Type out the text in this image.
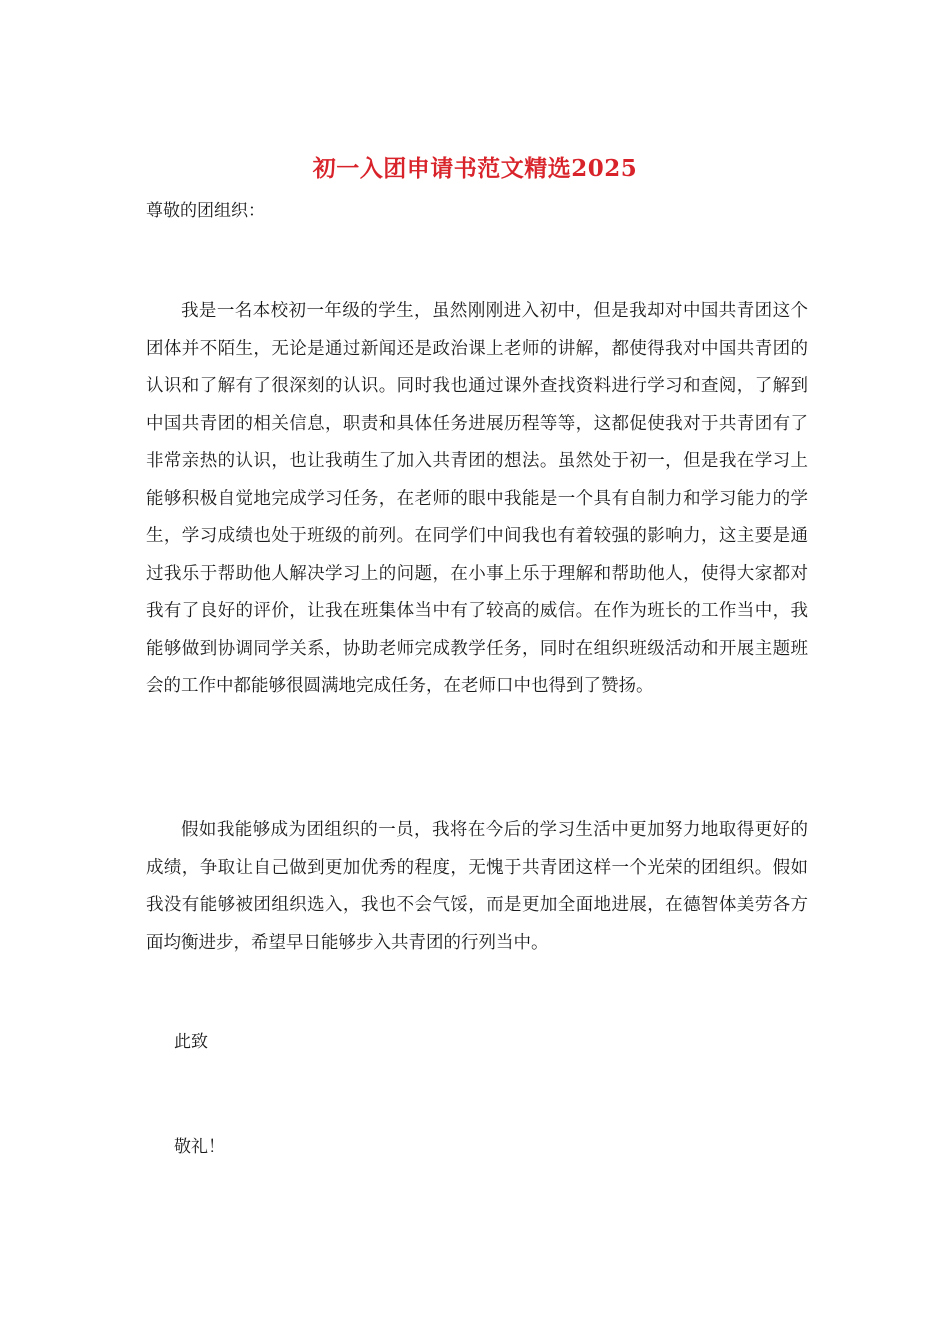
初一入团申请书范文精选2025
尊敬的团组织：

我是一名本校初一年级的学生，虽然刚刚进入初中，但是我却对中国共青团这个团体并不陌生，无论是通过新闻还是政治课上老师的讲解，都使得我对中国共青团的认识和了解有了很深刻的认识。同时我也通过课外查找资料进行学习和查阅，了解到中国共青团的相关信息，职责和具体任务进展历程等等，这都促使我对于共青团有了非常亲热的认识，也让我萌生了加入共青团的想法。虽然处于初一，但是我在学习上能够积极自觉地完成学习任务，在老师的眼中我能是一个具有自制力和学习能力的学生，学习成绩也处于班级的前列。在同学们中间我也有着较强的影响力，这主要是通过我乐于帮助他人解决学习上的问题，在小事上乐于理解和帮助他人，使得大家都对我有了良好的评价，让我在班集体当中有了较高的威信。在作为班长的工作当中，我能够做到协调同学关系，协助老师完成教学任务，同时在组织班级活动和开展主题班会的工作中都能够很圆满地完成任务，在老师口中也得到了赞扬。

假如我能够成为团组织的一员，我将在今后的学习生活中更加努力地取得更好的成绩，争取让自己做到更加优秀的程度，无愧于共青团这样一个光荣的团组织。假如我没有能够被团组织选入，我也不会气馁，而是更加全面地进展，在德智体美劳各方面均衡进步，希望早日能够步入共青团的行列当中。

此致
敬礼！
